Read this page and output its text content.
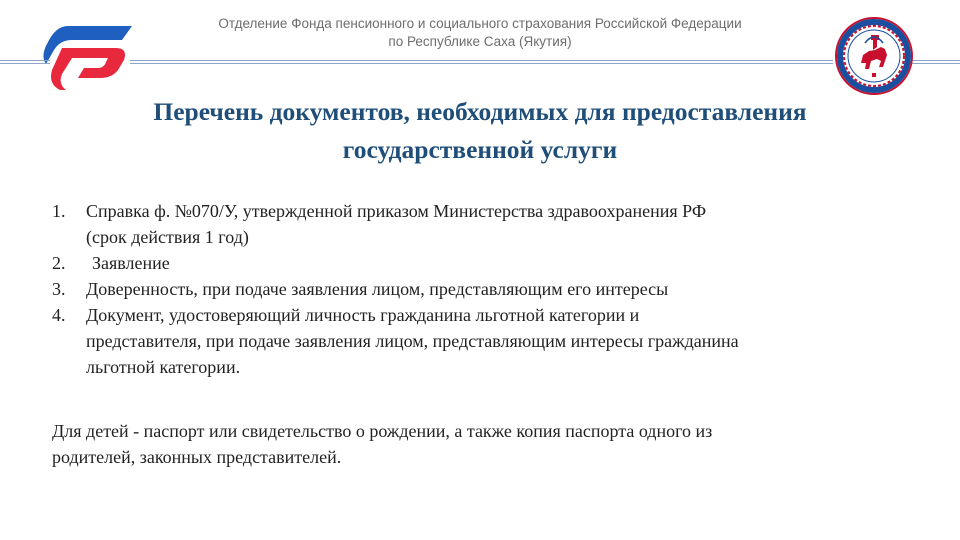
Отделение Фонда пенсионного и социального страхования Российской Федерации
по Республике Саха (Якутия)
Перечень документов, необходимых для предоставления
государственной услуги
1. Справка ф. №070/У, утвержденной приказом Министерства здравоохранения РФ
(срок действия 1 год)
2.	Заявление
3. Доверенность, при подаче заявления лицом, представляющим его интересы
4. Документ, удостоверяющий личность гражданина льготной категории и
представителя, при подаче заявления лицом, представляющим интересы гражданина
льготной категории.
Для детей - паспорт или свидетельство о рождении, а также копия паспорта одного из
родителей, законных представителей.
